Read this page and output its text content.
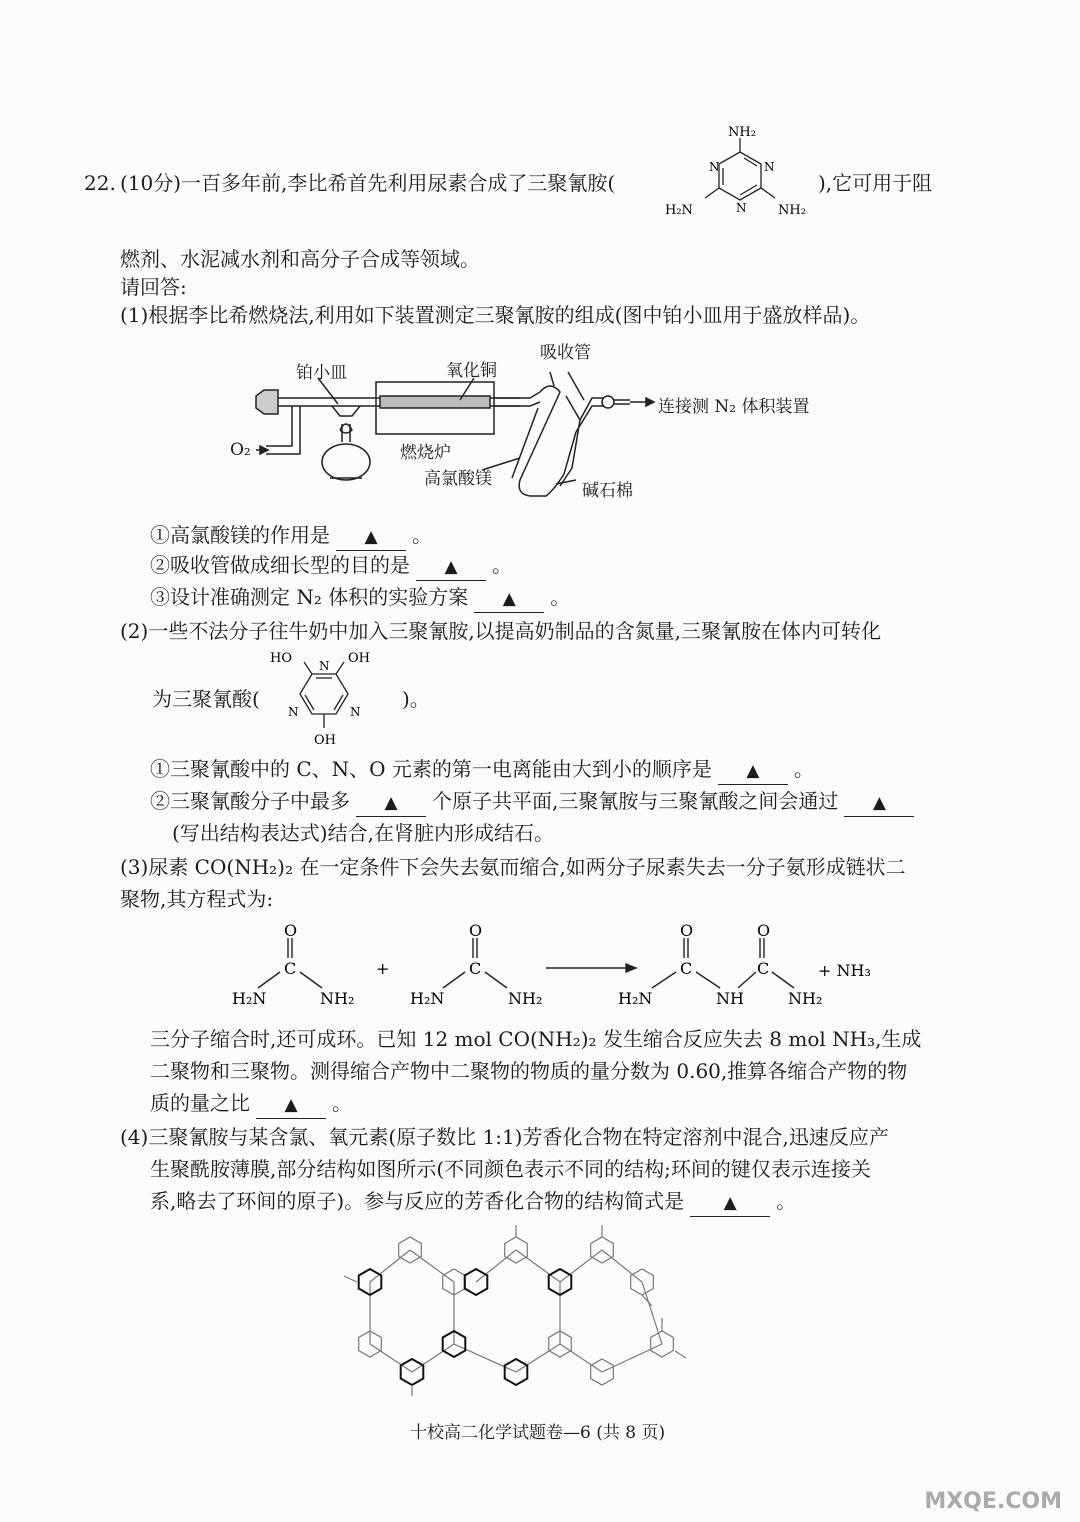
22. (10分)一百多年前,李比希首先利用尿素合成了三聚氰胺(
NH₂
H₂N	NH₂
N
N
N
),它可用于阻
燃剂、水泥减水剂和高分子合成等领域。
请回答:
(1)根据李比希燃烧法,利用如下装置测定三聚氰胺的组成(图中铂小皿用于盛放样品)。
铂小皿	氧化铜
吸收管
连接测 N₂ 体积装置
O₂	燃烧炉
高氯酸镁
碱石棉
①高氯酸镁的作用是 ▲ 。
②吸收管做成细长型的目的是 ▲ 。
③设计准确测定 N₂ 体积的实验方案 ▲ 。
(2)一些不法分子往牛奶中加入三聚氰胺,以提高奶制品的含氮量,三聚氰胺在体内可转化
为三聚氰酸(
OH
HO
OH
N
N	N
)。
①三聚氰酸中的 C、N、O 元素的第一电离能由大到小的顺序是 ▲ 。
②三聚氰酸分子中最多 ▲ 个原子共平面,三聚氰胺与三聚氰酸之间会通过 ▲
(写出结构表达式)结合,在肾脏内形成结石。
(3)尿素 CO(NH₂)₂ 在一定条件下会失去氨而缩合,如两分子尿素失去一分子氨形成链状二
聚物,其方程式为:
O
C
H₂N	NH₂
+
O
C
H₂N	NH₂
O
C
H₂N	NH
O
C
NH₂
+ NH₃
三分子缩合时,还可成环。已知 12 mol CO(NH₂)₂ 发生缩合反应失去 8 mol NH₃,生成
二聚物和三聚物。测得缩合产物中二聚物的物质的量分数为 0.60,推算各缩合产物的物
质的量之比 ▲ 。
(4)三聚氰胺与某含氯、氧元素(原子数比 1:1)芳香化合物在特定溶剂中混合,迅速反应产
生聚酰胺薄膜,部分结构如图所示(不同颜色表示不同的结构;环间的键仅表示连接关
系,略去了环间的原子)。参与反应的芳香化合物的结构简式是 ▲ 。
十校高二化学试题卷—6 (共 8 页)
MXQE.COM
